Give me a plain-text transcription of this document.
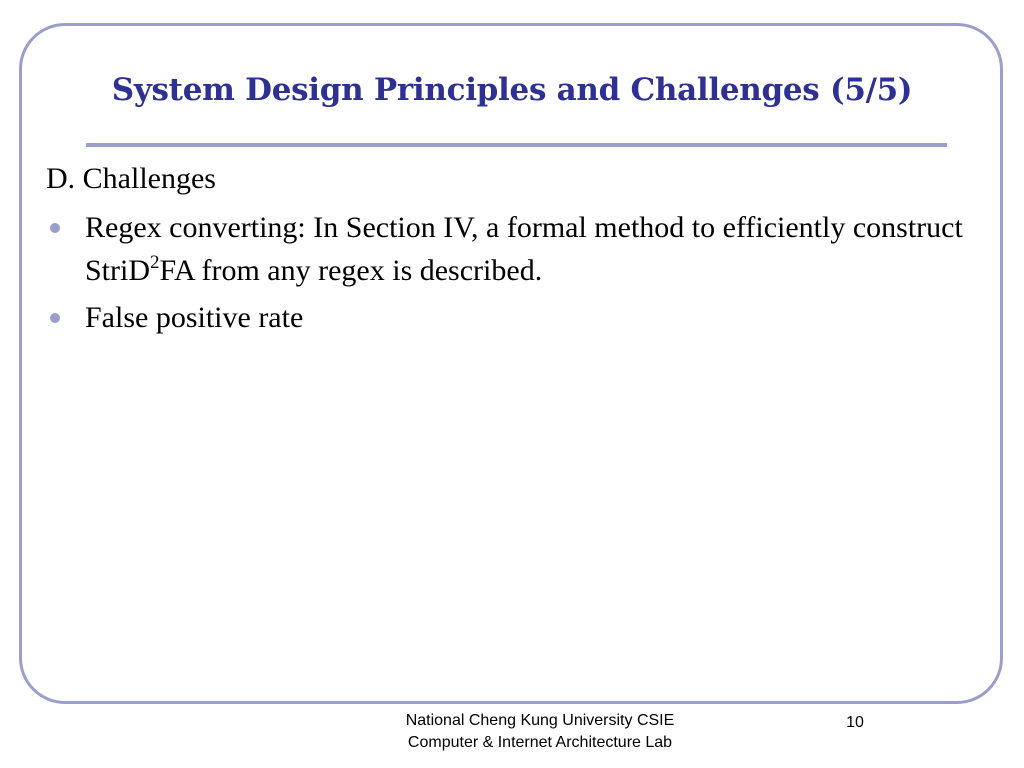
System Design Principles and Challenges (5/5)
D. Challenges
Regex converting: In Section IV, a formal method to efficiently construct StriD$^2$FA from any regex is described.
False positive rate
National Cheng Kung University CSIE
Computer & Internet Architecture Lab
10
